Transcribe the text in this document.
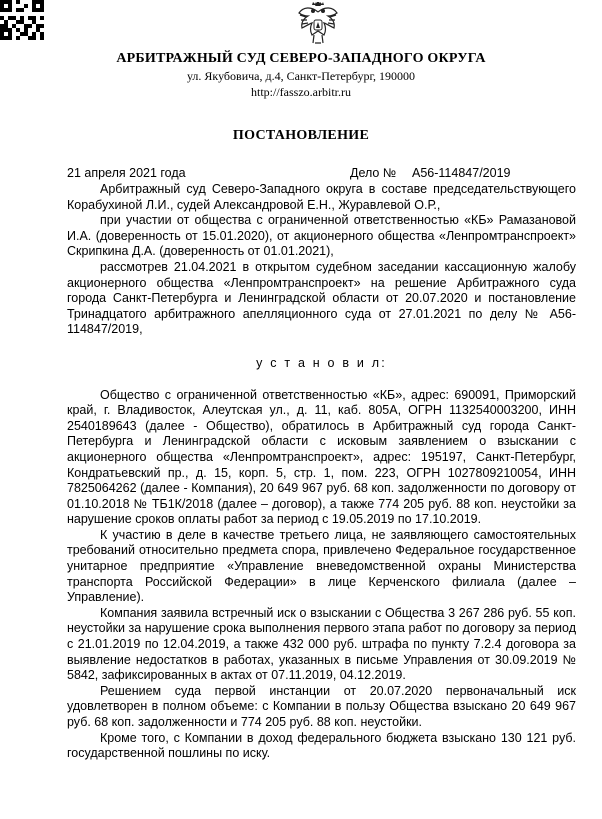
АРБИТРАЖНЫЙ СУД СЕВЕРО-ЗАПАДНОГО ОКРУГА
ул. Якубовича, д.4, Санкт-Петербург, 190000
http://fasszo.arbitr.ru
ПОСТАНОВЛЕНИЕ
21 апреля 2021 года	Дело № А56-114847/2019

Арбитражный суд Северо-Западного округа в составе председательствующего Корабухиной Л.И., судей Александровой Е.Н., Журавлевой О.Р.,

при участии от общества с ограниченной ответственностью «КБ» Рамазановой И.А. (доверенность от 15.01.2020), от акционерного общества «Ленпромтранспроект» Скрипкина Д.А. (доверенность от 01.01.2021),

рассмотрев 21.04.2021 в открытом судебном заседании кассационную жалобу акционерного общества «Ленпромтранспроект» на решение Арбитражного суда города Санкт-Петербурга и Ленинградской области от 20.07.2020 и постановление Тринадцатого арбитражного апелляционного суда от 27.01.2021 по делу № А56-114847/2019,

у с т а н о в и л:

Общество с ограниченной ответственностью «КБ», адрес: 690091, Приморский край, г. Владивосток, Алеутская ул., д. 11, каб. 805А, ОГРН 1132540003200, ИНН 2540189643 (далее - Общество), обратилось в Арбитражный суд города Санкт-Петербурга и Ленинградской области с исковым заявлением о взыскании с акционерного общества «Ленпромтранспроект», адрес: 195197, Санкт-Петербург, Кондратьевский пр., д. 15, корп. 5, стр. 1, пом. 223, ОГРН 1027809210054, ИНН 7825064262 (далее - Компания), 20 649 967 руб. 68 коп. задолженности по договору от 01.10.2018 № ТБ1К/2018 (далее – договор), а также 774 205 руб. 88 коп. неустойки за нарушение сроков оплаты работ за период с 19.05.2019 по 17.10.2019.

К участию в деле в качестве третьего лица, не заявляющего самостоятельных требований относительно предмета спора, привлечено Федеральное государственное унитарное предприятие «Управление вневедомственной охраны Министерства транспорта Российской Федерации» в лице Керченского филиала (далее – Управление).

Компания заявила встречный иск о взыскании с Общества 3 267 286 руб. 55 коп. неустойки за нарушение срока выполнения первого этапа работ по договору за период с 21.01.2019 по 12.04.2019, а также 432 000 руб. штрафа по пункту 7.2.4 договора за выявление недостатков в работах, указанных в письме Управления от 30.09.2019 № 5842, зафиксированных в актах от 07.11.2019, 04.12.2019.

Решением суда первой инстанции от 20.07.2020 первоначальный иск удовлетворен в полном объеме: с Компании в пользу Общества взыскано 20 649 967 руб. 68 коп. задолженности и 774 205 руб. 88 коп. неустойки.

Кроме того, с Компании в доход федерального бюджета взыскано 130 121 руб. государственной пошлины по иску.
